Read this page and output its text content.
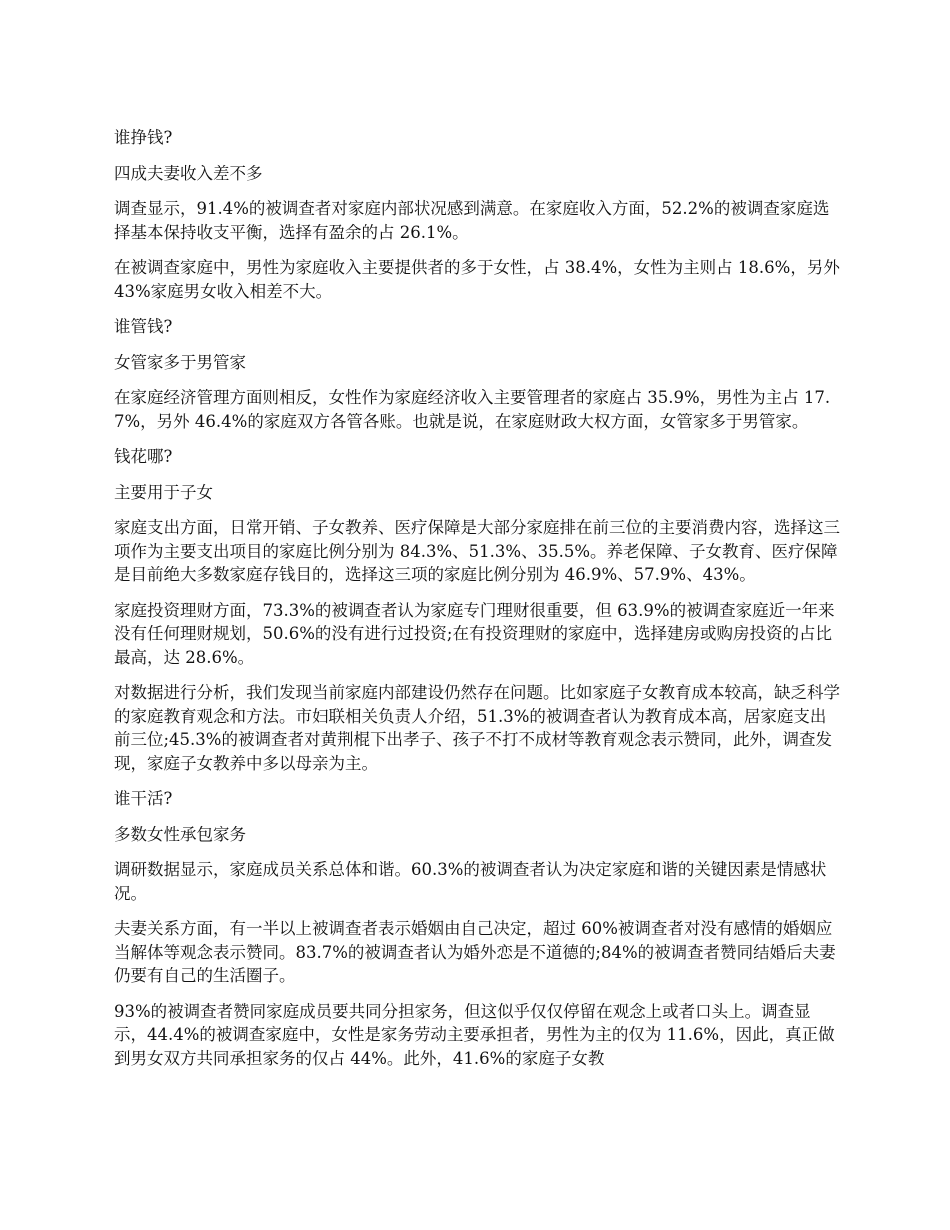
谁挣钱?

四成夫妻收入差不多

调查显示，91.4%的被调查者对家庭内部状况感到满意。在家庭收入方面，52.2%的被调查家庭选择基本保持收支平衡，选择有盈余的占 26.1%。

在被调查家庭中，男性为家庭收入主要提供者的多于女性，占 38.4%，女性为主则占 18.6%，另外 43%家庭男女收入相差不大。

谁管钱?

女管家多于男管家

在家庭经济管理方面则相反，女性作为家庭经济收入主要管理者的家庭占 35.9%，男性为主占 17.7%，另外 46.4%的家庭双方各管各账。也就是说，在家庭财政大权方面，女管家多于男管家。

钱花哪?

主要用于子女

家庭支出方面，日常开销、子女教养、医疗保障是大部分家庭排在前三位的主要消费内容，选择这三项作为主要支出项目的家庭比例分别为 84.3%、51.3%、35.5%。养老保障、子女教育、医疗保障是目前绝大多数家庭存钱目的，选择这三项的家庭比例分别为 46.9%、57.9%、43%。

家庭投资理财方面，73.3%的被调查者认为家庭专门理财很重要，但 63.9%的被调查家庭近一年来没有任何理财规划，50.6%的没有进行过投资;在有投资理财的家庭中，选择建房或购房投资的占比最高，达 28.6%。

对数据进行分析，我们发现当前家庭内部建设仍然存在问题。比如家庭子女教育成本较高，缺乏科学的家庭教育观念和方法。市妇联相关负责人介绍，51.3%的被调查者认为教育成本高，居家庭支出前三位;45.3%的被调查者对黄荆棍下出孝子、孩子不打不成材等教育观念表示赞同，此外，调查发现，家庭子女教养中多以母亲为主。

谁干活?

多数女性承包家务

调研数据显示，家庭成员关系总体和谐。60.3%的被调查者认为决定家庭和谐的关键因素是情感状况。

夫妻关系方面，有一半以上被调查者表示婚姻由自己决定，超过 60%被调查者对没有感情的婚姻应当解体等观念表示赞同。83.7%的被调查者认为婚外恋是不道德的;84%的被调查者赞同结婚后夫妻仍要有自己的生活圈子。

93%的被调查者赞同家庭成员要共同分担家务，但这似乎仅仅停留在观念上或者口头上。调查显示，44.4%的被调查家庭中，女性是家务劳动主要承担者，男性为主的仅为 11.6%，因此，真正做到男女双方共同承担家务的仅占 44%。此外，41.6%的家庭子女教
